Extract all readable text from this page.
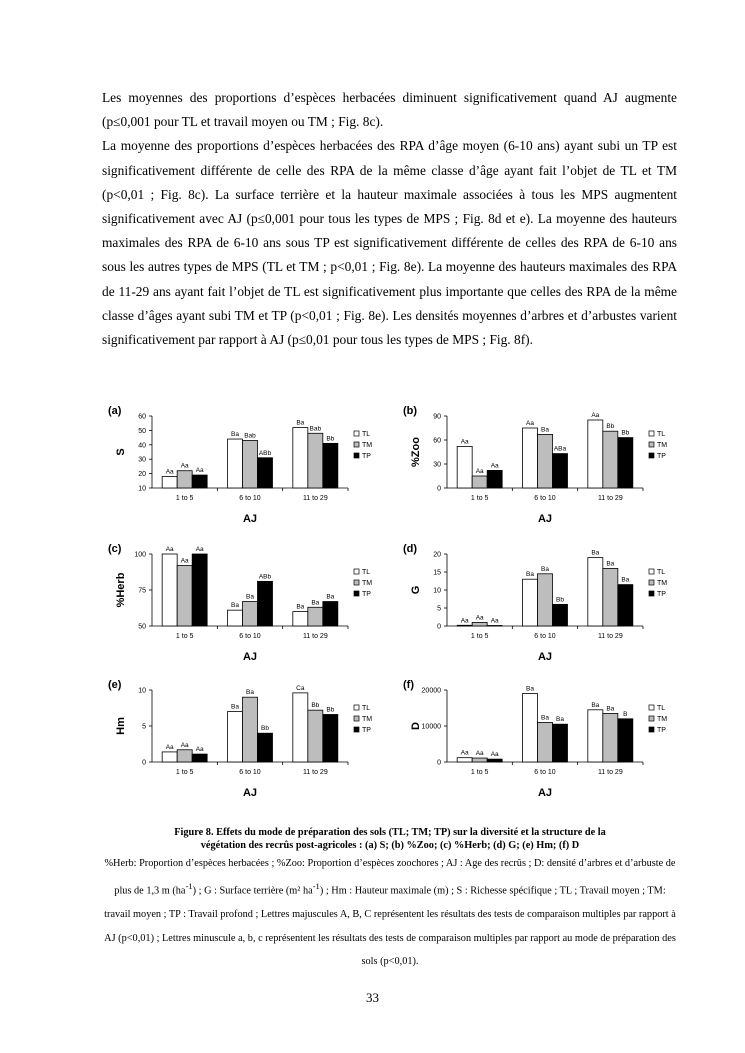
Les moyennes des proportions d’espèces herbacées diminuent significativement quand AJ augmente (p≤0,001 pour TL et travail moyen ou TM ; Fig. 8c).

La moyenne des proportions d’espèces herbacées des RPA d’âge moyen (6-10 ans) ayant subi un TP est significativement différente de celle des RPA de la même classe d’âge ayant fait l’objet de TL et TM (p<0,01 ; Fig. 8c). La surface terrière et la hauteur maximale associées à tous les MPS augmentent significativement avec AJ (p≤0,001 pour tous les types de MPS ; Fig. 8d et e). La moyenne des hauteurs maximales des RPA de 6-10 ans sous TP est significativement différente de celles des RPA de 6-10 ans sous les autres types de MPS (TL et TM ; p<0,01 ; Fig. 8e). La moyenne des hauteurs maximales des RPA de 11-29 ans ayant fait l’objet de TL est significativement plus importante que celles des RPA de la même classe d’âges ayant subi TM et TP (p<0,01 ; Fig. 8e). Les densités moyennes d’arbres et d’arbustes varient significativement par rapport à AJ (p≤0,01 pour tous les types de MPS ; Fig. 8f).

(a)
S
AJ
10
20
30
40
50
60
1 to 5
Aa
Aa
Aa
6 to 10
Ba Bab
ABb
11 to 29
Ba
Bab
Bb
TL
TM
TP
(b)
%Zoo
AJ
0
30
60
90
1 to 5
Aa
Aa
Aa
6 to 10
Aa
Ba
ABa
11 to 29
Aa
Bb
Bb	TL
TM
TP
(c)
%Herb
AJ
50
75
100
1 to 5
Aa
Aa
Aa
6 to 10
Ba
Ba
ABb
11 to 29
Ba
Ba
Ba
TL
TM
TP
(d)
G
AJ
0
5
10
15
20
1 to 5
Aa Aa Aa
6 to 10
Ba
Ba
Bb
11 to 29
Ba
Ba
Ba
TL
TM
TP
(e)
Hm
AJ
0
5
10
1 to 5
Aa Aa
Aa
6 to 10
Ba
Ba
Bb
11 to 29
Ca
Bb
Bb	TL
TM
TP
(f)
D
AJ
0
10000
20000
1 to 5
Aa Aa Aa
6 to 10
Ba
Ba Ba
11 to 29
Ba
Ba
B
TL
TM
TP
Figure 8. Effets du mode de préparation des sols (TL; TM; TP) sur la diversité et la structure de la
végétation des recrûs post-agricoles : (a) S; (b) %Zoo; (c) %Herb; (d) G; (e) Hm; (f) D
%Herb: Proportion d’espèces herbacées ; %Zoo: Proportion d’espèces zoochores ; AJ : Age des recrûs ; D: densité d’arbres et d’arbuste de plus de 1,3 m $(ha^{-1})$ ; G : Surface terrière (m² $ha^{-1}$) ; Hm : Hauteur maximale (m) ; S : Richesse spécifique ; TL ; Travail moyen ; TM: travail moyen ; TP : Travail profond ; Lettres majuscules A, B, C représentent les résultats des tests de comparaison multiples par rapport à AJ (p<0,01) ; Lettres minuscule a, b, c représentent les résultats des tests de comparaison multiples par rapport au mode de préparation des sols (p<0,01).
33
